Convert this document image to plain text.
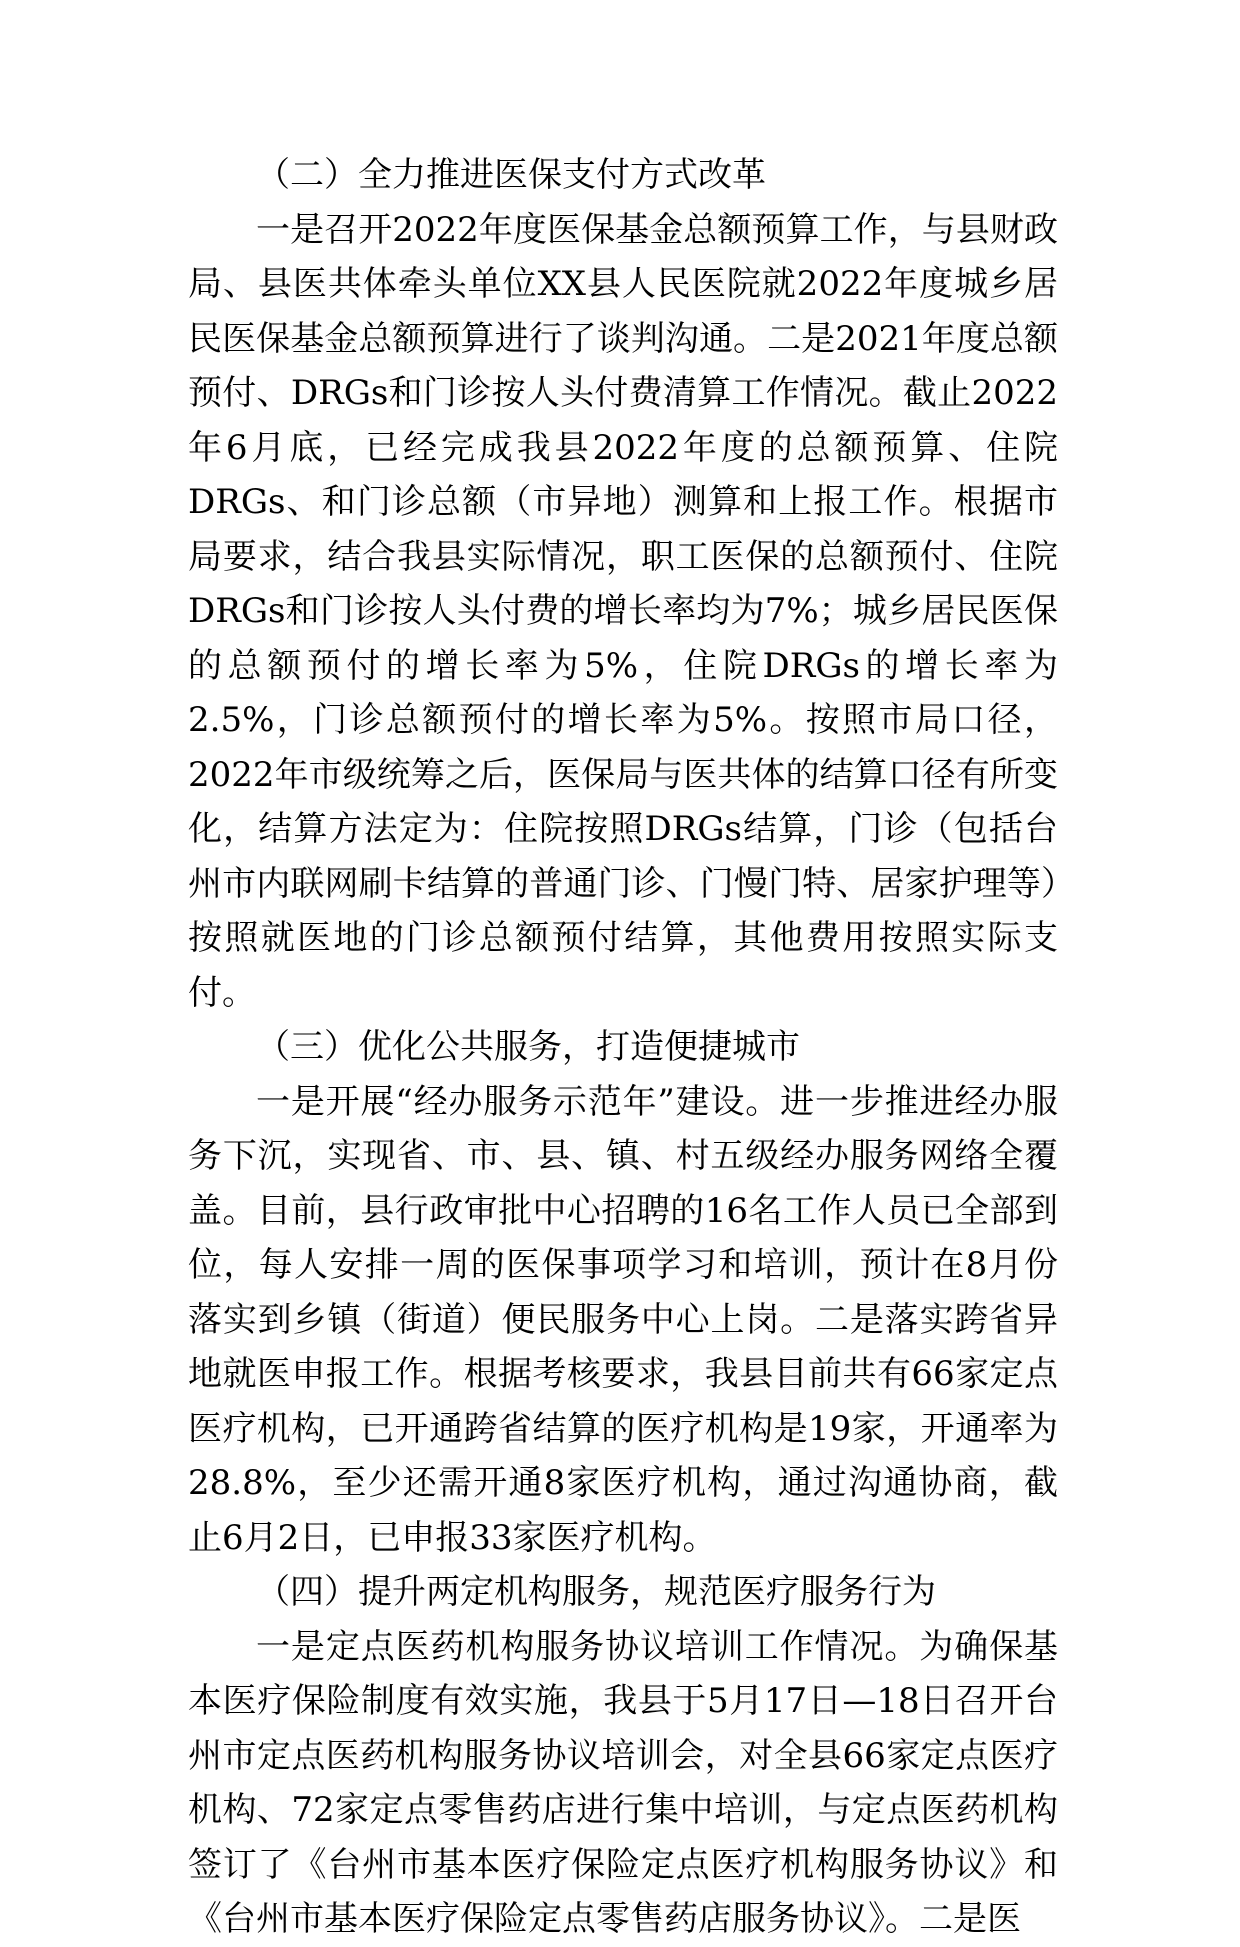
（二）全力推进医保支付方式改革

一是召开2022年度医保基金总额预算工作，与县财政局、县医共体牵头单位XX县人民医院就2022年度城乡居民医保基金总额预算进行了谈判沟通。二是2021年度总额预付、DRGs和门诊按人头付费清算工作情况。截止2022年6月底，已经完成我县2022年度的总额预算、住院DRGs、和门诊总额（市异地）测算和上报工作。根据市局要求，结合我县实际情况，职工医保的总额预付、住院DRGs和门诊按人头付费的增长率均为7%；城乡居民医保的总额预付的增长率为5%，住院DRGs的增长率为2.5%，门诊总额预付的增长率为5%。按照市局口径，2022年市级统筹之后，医保局与医共体的结算口径有所变化，结算方法定为：住院按照DRGs结算，门诊（包括台州市内联网刷卡结算的普通门诊、门慢门特、居家护理等）按照就医地的门诊总额预付结算，其他费用按照实际支付。

（三）优化公共服务，打造便捷城市

一是开展“经办服务示范年”建设。进一步推进经办服务下沉，实现省、市、县、镇、村五级经办服务网络全覆盖。目前，县行政审批中心招聘的16名工作人员已全部到位，每人安排一周的医保事项学习和培训，预计在8月份落实到乡镇（街道）便民服务中心上岗。二是落实跨省异地就医申报工作。根据考核要求，我县目前共有66家定点医疗机构，已开通跨省结算的医疗机构是19家，开通率为28.8%，至少还需开通8家医疗机构，通过沟通协商，截止6月2日，已申报33家医疗机构。

（四）提升两定机构服务，规范医疗服务行为

一是定点医药机构服务协议培训工作情况。为确保基本医疗保险制度有效实施，我县于5月17日—18日召开台州市定点医药机构服务协议培训会，对全县66家定点医疗机构、72家定点零售药店进行集中培训，与定点医药机构签订了《台州市基本医疗保险定点医疗机构服务协议》和《台州市基本医疗保险定点零售药店服务协议》。二是医
